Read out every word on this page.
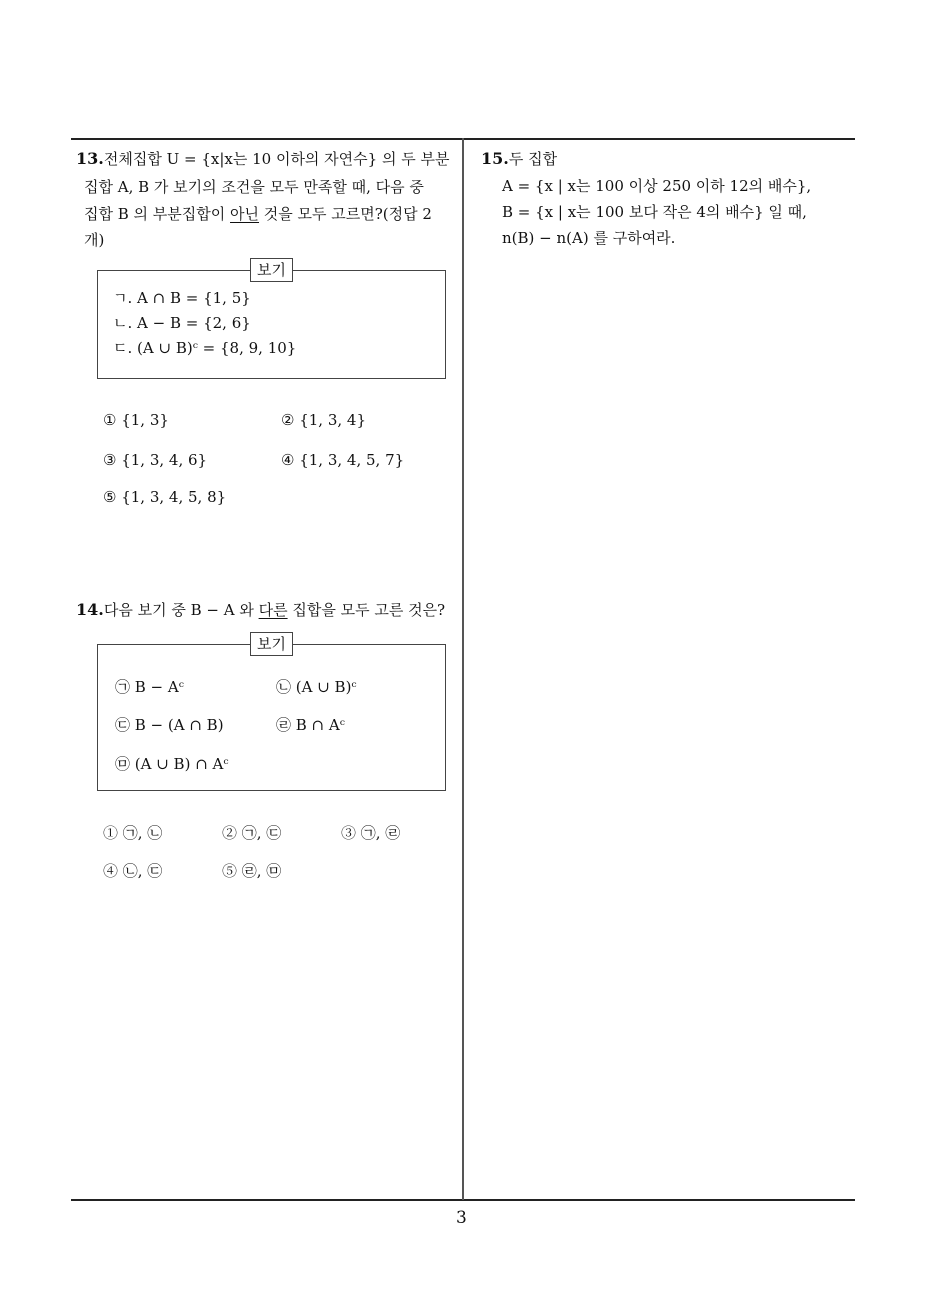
13.전체집합 U = {x|x는 10 이하의 자연수} 의 두 부분
집합 A, B 가 보기의 조건을 모두 만족할 때, 다음 중
집합 B 의 부분집합이 아닌 것을 모두 고르면?(정답 2
개)
보기
ㄱ. A ∩ B = {1, 5}
ㄴ. A − B = {2, 6}
ㄷ. (A ∪ B)ᶜ = {8, 9, 10}
① {1, 3}	② {1, 3, 4}
③ {1, 3, 4, 6}	④ {1, 3, 4, 5, 7}
⑤ {1, 3, 4, 5, 8}
14.다음 보기 중 B − A 와 다른 집합을 모두 고른 것은?
보기
㉠ B − Aᶜ	㉡ (A ∪ B)ᶜ
㉢ B − (A ∩ B)	㉣ B ∩ Aᶜ
㉤ (A ∪ B) ∩ Aᶜ
① ㉠, ㉡	② ㉠, ㉢	③ ㉠, ㉣
④ ㉡, ㉢	⑤ ㉣, ㉤
15.두 집합
A = {x | x는 100 이상 250 이하 12의 배수},
B = {x | x는 100 보다 작은 4의 배수} 일 때,
n(B) − n(A) 를 구하여라.
3
